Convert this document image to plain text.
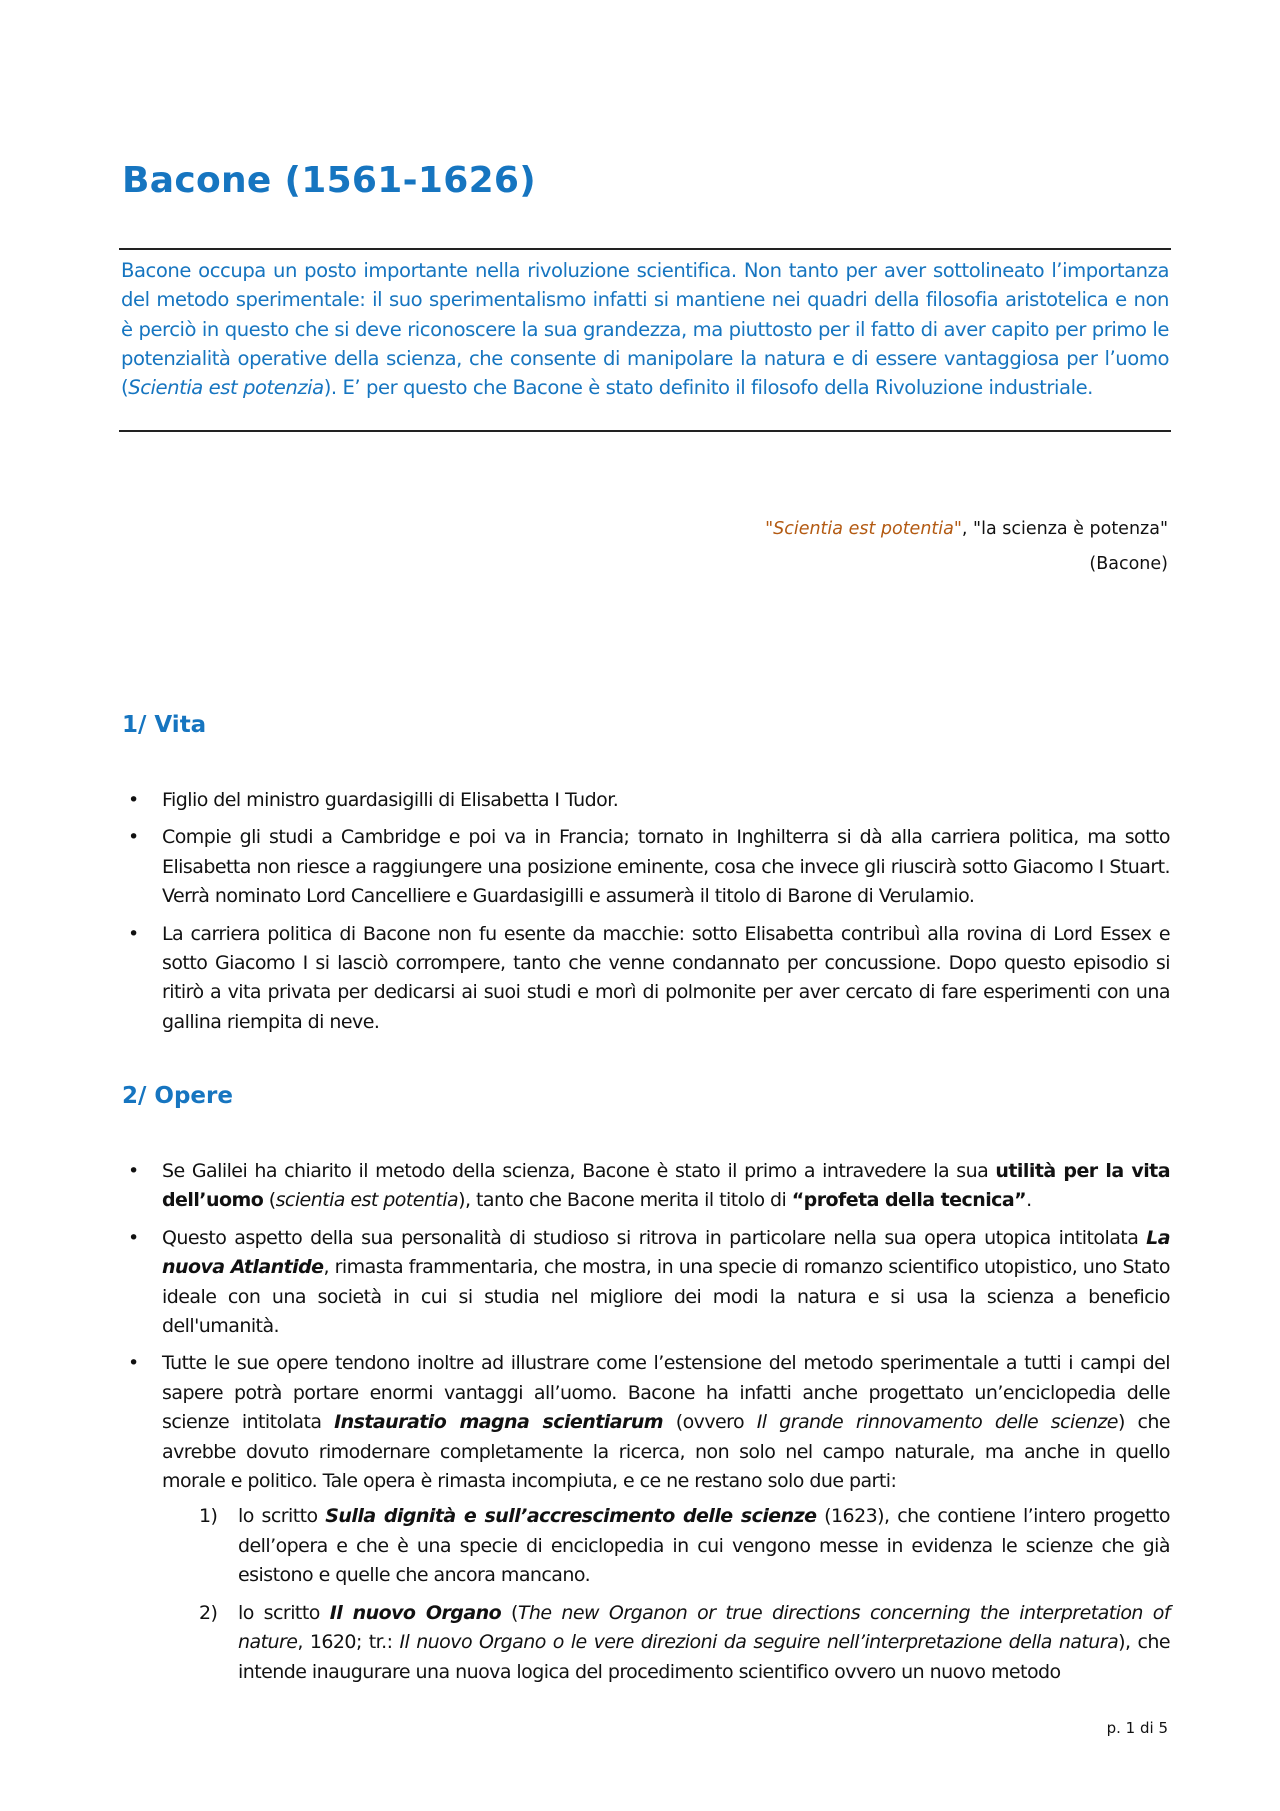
Bacone (1561-1626)

Bacone occupa un posto importante nella rivoluzione scientifica. Non tanto per aver sottolineato l’importanza del metodo sperimentale: il suo sperimentalismo infatti si mantiene nei quadri della filosofia aristotelica e non è perciò in questo che si deve riconoscere la sua grandezza, ma piuttosto per il fatto di aver capito per primo le potenzialità operative della scienza, che consente di manipolare la natura e di essere vantaggiosa per l’uomo (Scientia est potenzia). E’ per questo che Bacone è stato definito il filosofo della Rivoluzione industriale.

"Scientia est potentia", "la scienza è potenza"
(Bacone)
1/ Vita
• Figlio del ministro guardasigilli di Elisabetta I Tudor.
• Compie gli studi a Cambridge e poi va in Francia; tornato in Inghilterra si dà alla carriera politica, ma sotto Elisabetta non riesce a raggiungere una posizione eminente, cosa che invece gli riuscirà sotto Giacomo I Stuart. Verrà nominato Lord Cancelliere e Guardasigilli e assumerà il titolo di Barone di Verulamio.
• La carriera politica di Bacone non fu esente da macchie: sotto Elisabetta contribuì alla rovina di Lord Essex e sotto Giacomo I si lasciò corrompere, tanto che venne condannato per concussione. Dopo questo episodio si ritirò a vita privata per dedicarsi ai suoi studi e morì di polmonite per aver cercato di fare esperimenti con una gallina riempita di neve.
2/ Opere
• Se Galilei ha chiarito il metodo della scienza, Bacone è stato il primo a intravedere la sua utilità per la vita dell’uomo (scientia est potentia), tanto che Bacone merita il titolo di “profeta della tecnica”.
• Questo aspetto della sua personalità di studioso si ritrova in particolare nella sua opera utopica intitolata La nuova Atlantide, rimasta frammentaria, che mostra, in una specie di romanzo scientifico utopistico, uno Stato ideale con una società in cui si studia nel migliore dei modi la natura e si usa la scienza a beneficio dell'umanità.
• Tutte le sue opere tendono inoltre ad illustrare come l’estensione del metodo sperimentale a tutti i campi del sapere potrà portare enormi vantaggi all’uomo. Bacone ha infatti anche progettato un’enciclopedia delle scienze intitolata Instauratio magna scientiarum (ovvero Il grande rinnovamento delle scienze) che avrebbe dovuto rimodernare completamente la ricerca, non solo nel campo naturale, ma anche in quello morale e politico. Tale opera è rimasta incompiuta, e ce ne restano solo due parti:
1) lo scritto Sulla dignità e sull’accrescimento delle scienze (1623), che contiene l’intero progetto dell’opera e che è una specie di enciclopedia in cui vengono messe in evidenza le scienze che già esistono e quelle che ancora mancano.
2) lo scritto Il nuovo Organo (The new Organon or true directions concerning the interpretation of nature, 1620; tr.: Il nuovo Organo o le vere direzioni da seguire nell’interpretazione della natura), che intende inaugurare una nuova logica del procedimento scientifico ovvero un nuovo metodo
p. 1 di 5
